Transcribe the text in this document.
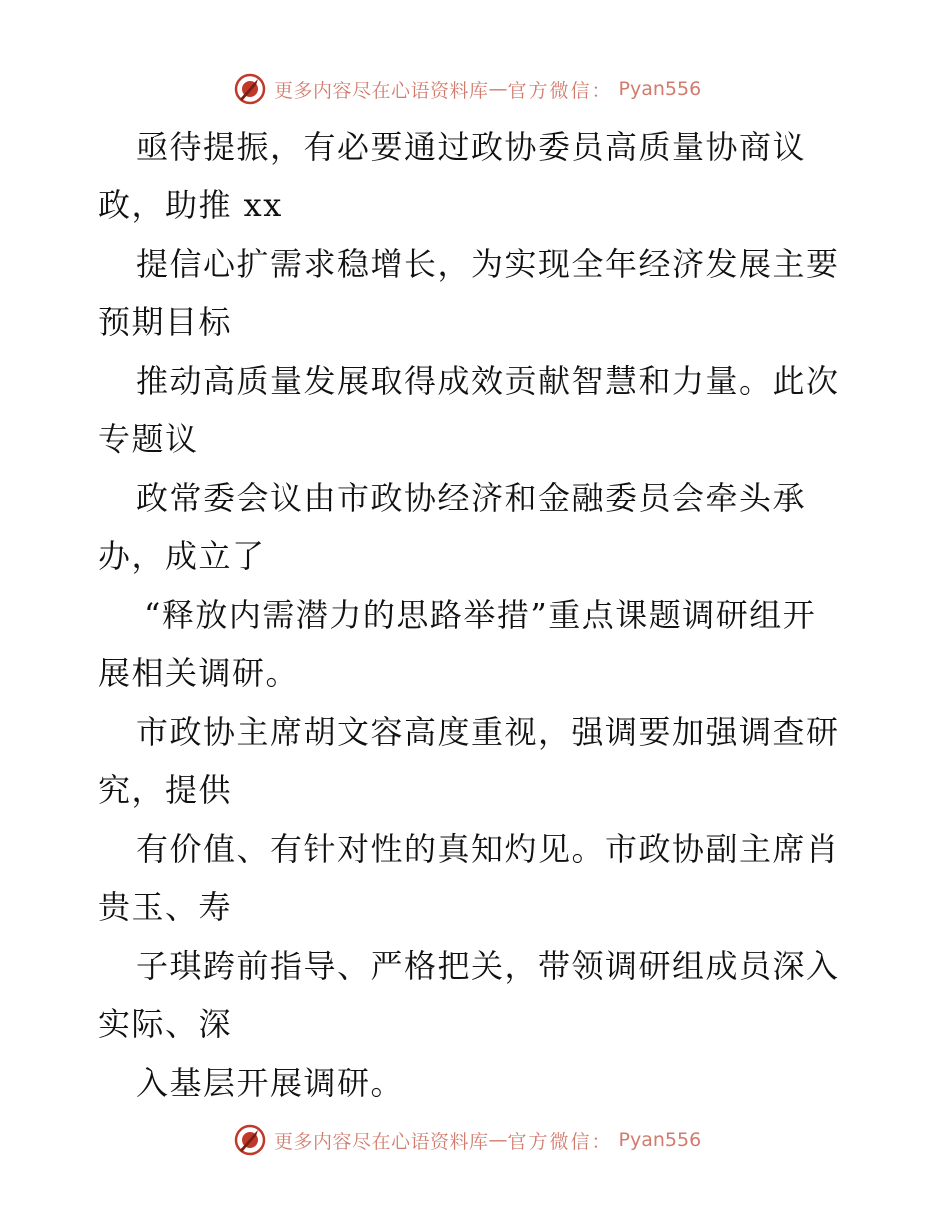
更多内容尽在心语资料库 — 官方微信： Pyan556
亟待提振，有必要通过政协委员高质量协商议
政，助推 xx
提信心扩需求稳增长，为实现全年经济发展主要
预期目标
推动高质量发展取得成效贡献智慧和力量。此次
专题议
政常委会议由市政协经济和金融委员会牵头承
办，成立了
“释放内需潜力的思路举措”重点课题调研组开
展相关调研。
市政协主席胡文容高度重视，强调要加强调查研
究，提供
有价值、有针对性的真知灼见。市政协副主席肖
贵玉、寿
子琪跨前指导、严格把关，带领调研组成员深入
实际、深
入基层开展调研。
更多内容尽在心语资料库 — 官方微信： Pyan556
